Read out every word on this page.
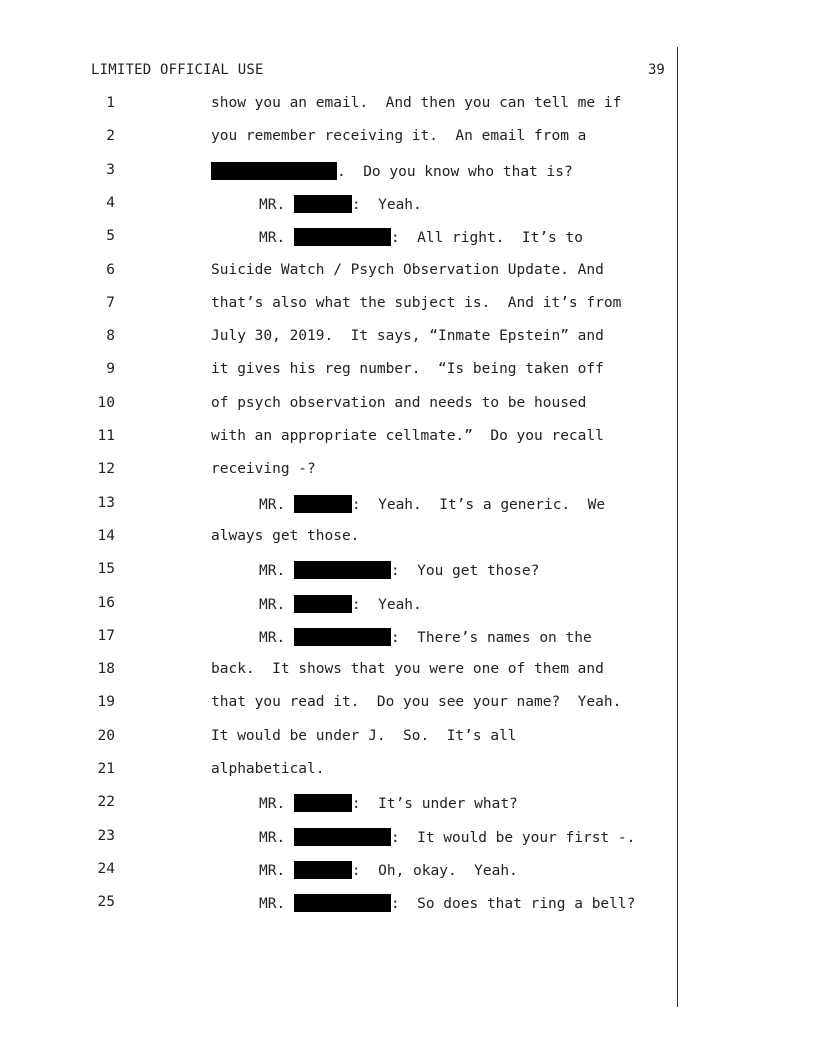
LIMITED OFFICIAL USE	39
1	show you an email.  And then you can tell me if
2	you remember receiving it.  An email from a
3	.  Do you know who that is?
4	MR.	:  Yeah.
5	MR.	:  All right.  It’s to
6	Suicide Watch / Psych Observation Update. And
7	that’s also what the subject is.  And it’s from
8	July 30, 2019.  It says, “Inmate Epstein” and
9	it gives his reg number.  “Is being taken off
10	of psych observation and needs to be housed
11	with an appropriate cellmate.”  Do you recall
12	receiving -?
13	MR.	:  Yeah.  It’s a generic.  We
14	always get those.
15	MR.	:  You get those?
16	MR.	:  Yeah.
17	MR.	:  There’s names on the
18	back.  It shows that you were one of them and
19	that you read it.  Do you see your name?  Yeah.
20	It would be under J.  So.  It’s all
21	alphabetical.
22	MR.	:  It’s under what?
23	MR.	:  It would be your first -.
24	MR.	:  Oh, okay.  Yeah.
25	MR.	:  So does that ring a bell?
